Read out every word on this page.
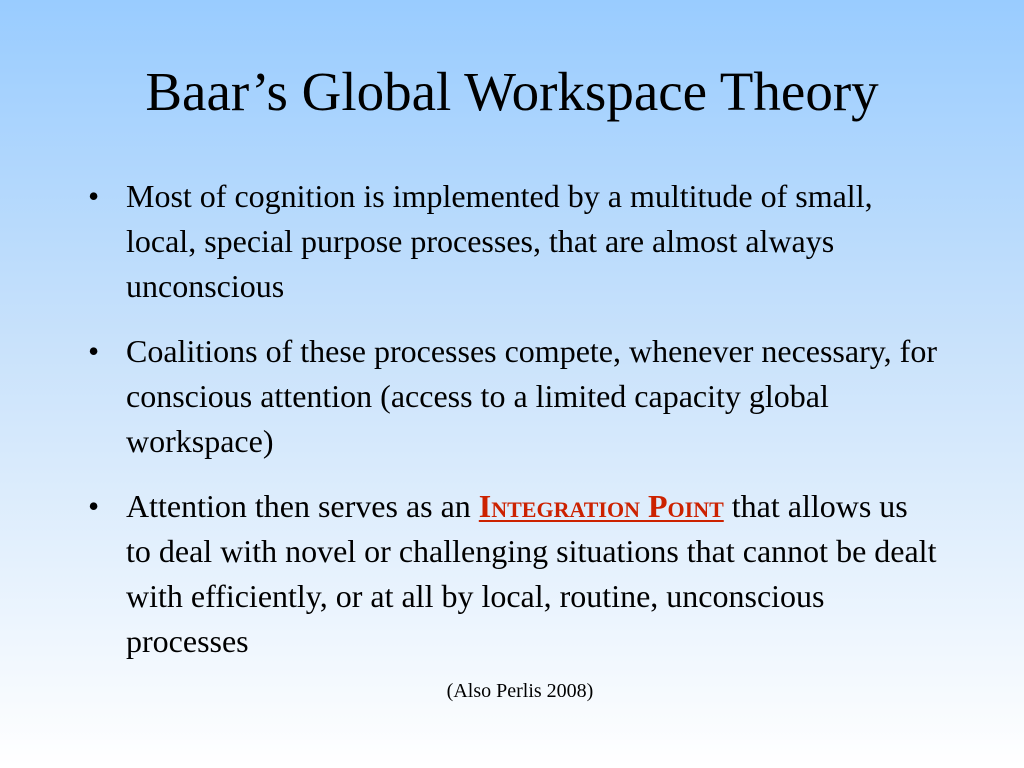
Baar’s Global Workspace Theory
• Most of cognition is implemented by a multitude of small, local, special purpose processes, that are almost always unconscious
• Coalitions of these processes compete, whenever necessary, for conscious attention (access to a limited capacity global workspace)
• Attention then serves as an Integration Point that allows us to deal with novel or challenging situations that cannot be dealt with efficiently, or at all by local, routine, unconscious processes
(Also Perlis 2008)
